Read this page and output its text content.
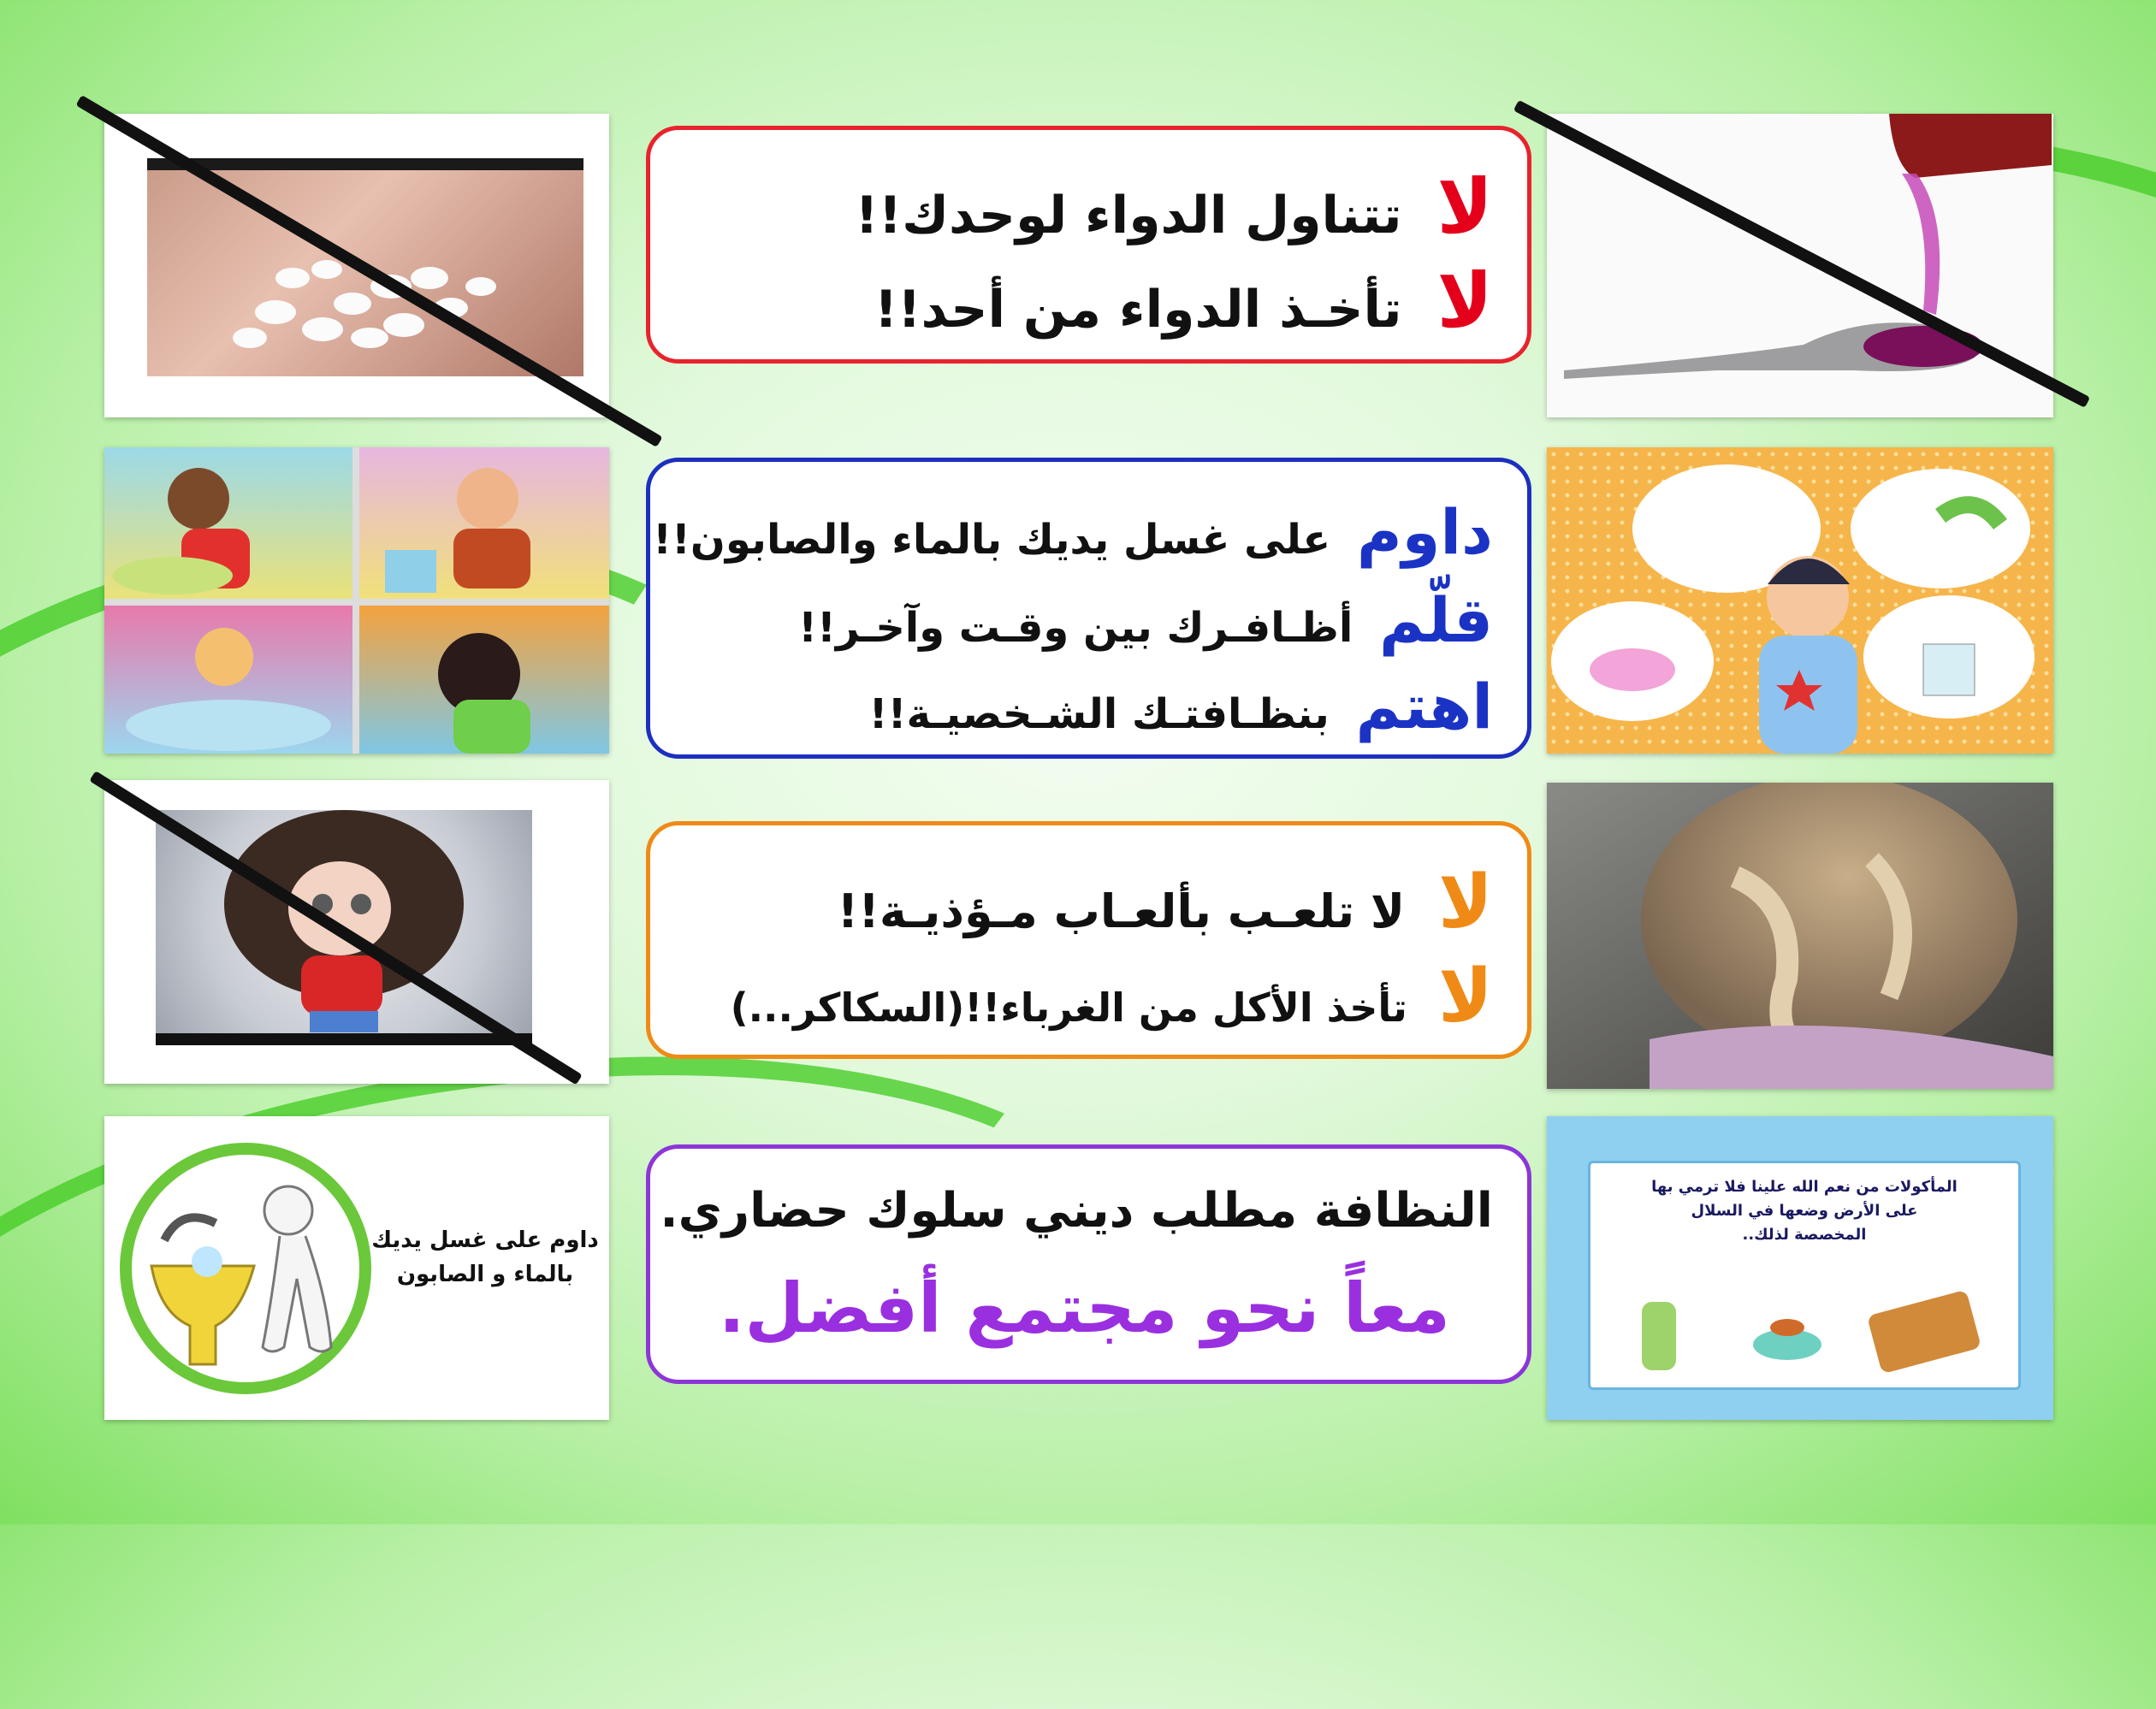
لا تتناول الدواء لوحدك!!
لا تأخـذ الدواء من أحد!!
داوم على غسل يديك بالماء والصابون!!
قلّم أظـافـرك بين وقـت وآخـر!!
اهتم بنظـافتـك الشـخصيـة!!
لا لا تلعـب بألعـاب مـؤذيـة!!
لا تأخذ الأكل من الغرباء!!(السكاكر...)
داوم على غسل يديك
بالماء و الصابون
النظافة مطلب ديني سلوك حضاري.
معاً نحو مجتمع أفضل.
المأكولات من نعم الله علينا فلا ترمي بها
على الأرض وضعها في السلال
المخصصة لذلك..
